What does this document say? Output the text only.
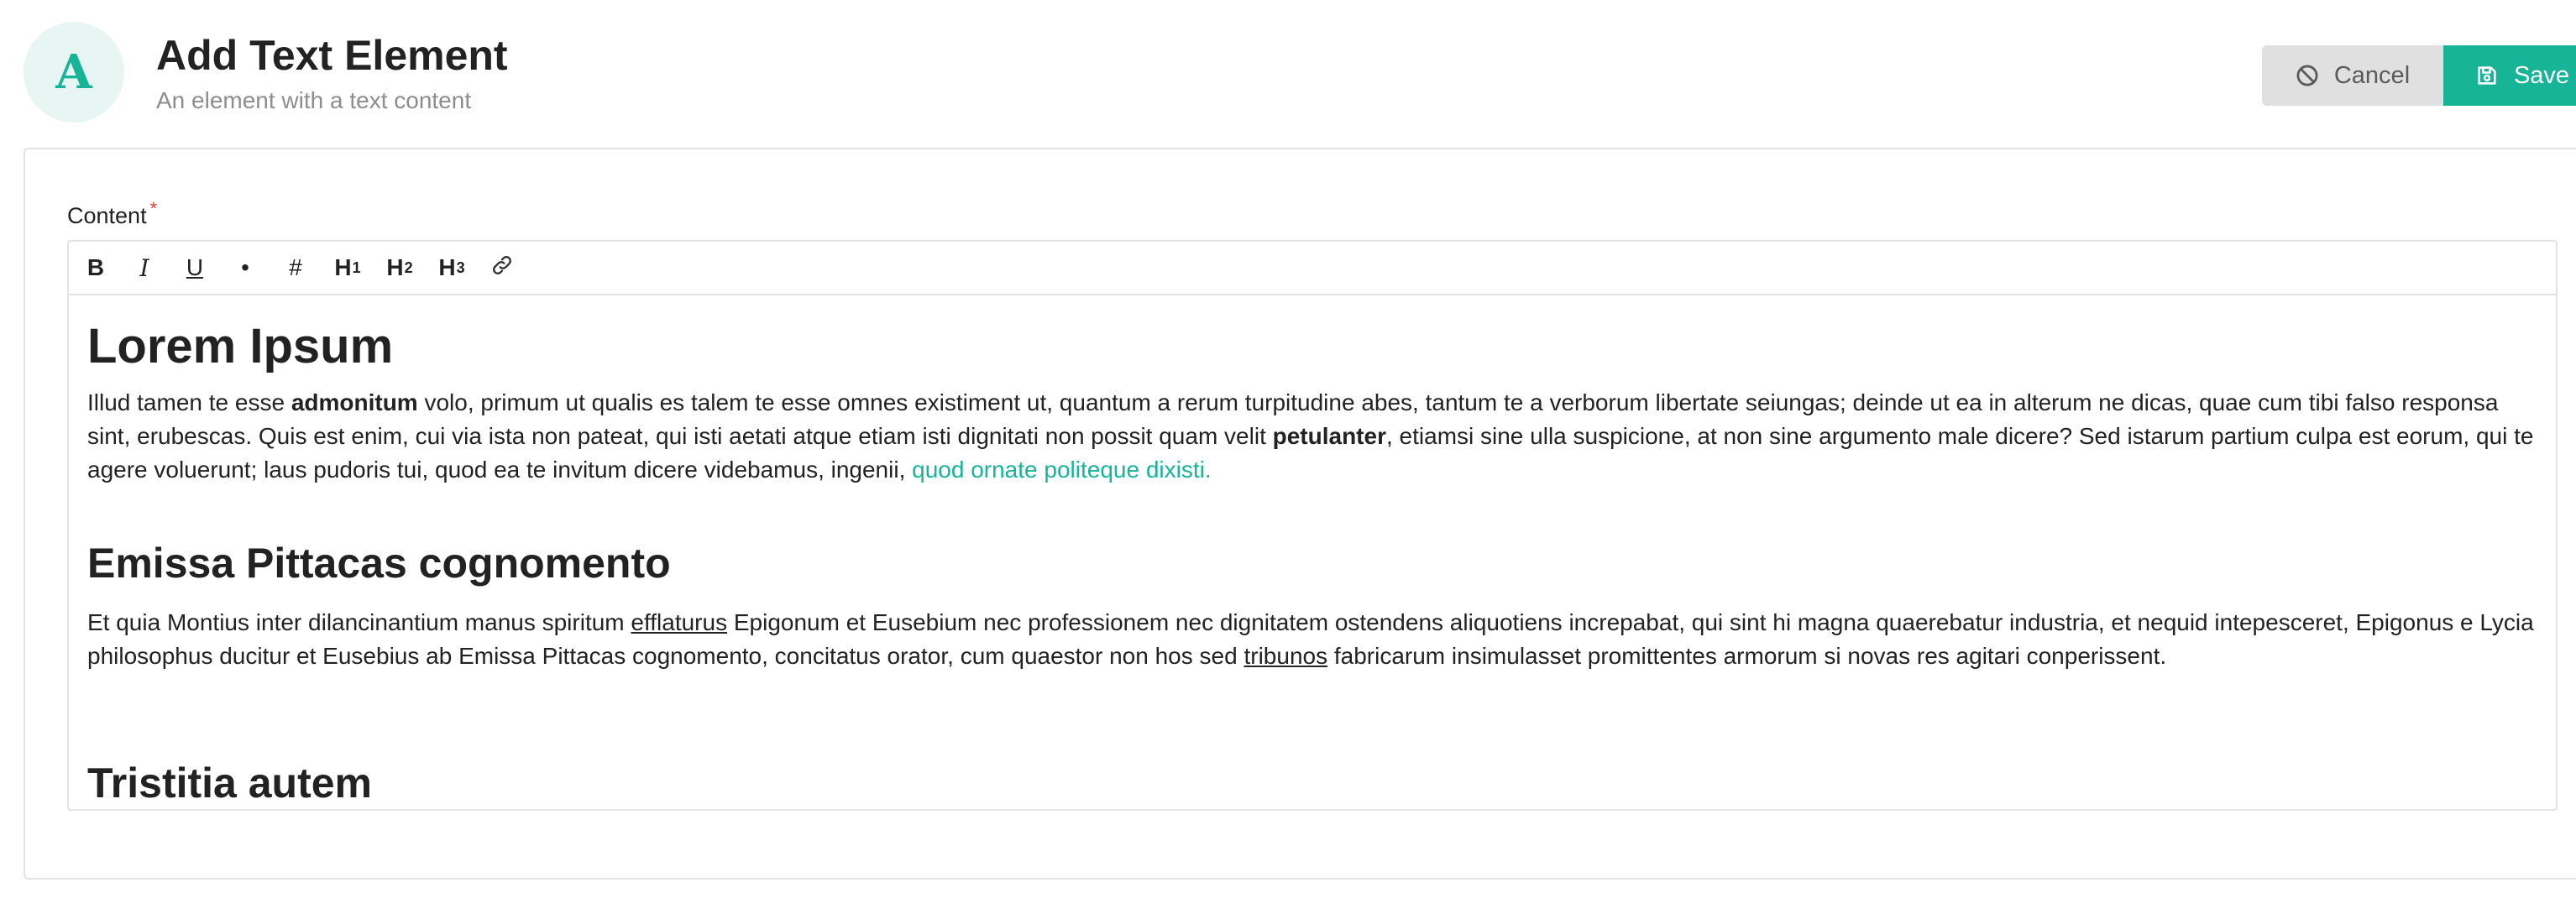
A Add Text Element
An element with a text content
Cancel	Save
Content *
B	I	U	•	#	H 1 H 2 H 3
Lorem Ipsum

Illud tamen te esse admonitum volo, primum ut qualis es talem te esse omnes existiment ut, quantum a rerum turpitudine abes, tantum te a verborum libertate seiungas; deinde ut ea in alterum ne dicas, quae cum tibi falso responsa sint, erubescas. Quis est enim, cui via ista non pateat, qui isti aetati atque etiam isti dignitati non possit quam velit petulanter, etiamsi sine ulla suspicione, at non sine argumento male dicere? Sed istarum partium culpa est eorum, qui te agere voluerunt; laus pudoris tui, quod ea te invitum dicere videbamus, ingenii, quod ornate politeque dixisti.

Emissa Pittacas cognomento

Et quia Montius inter dilancinantium manus spiritum efflaturus Epigonum et Eusebium nec professionem nec dignitatem ostendens aliquotiens increpabat, qui sint hi magna quaerebatur industria, et nequid intepesceret, Epigonus e Lycia philosophus ducitur et Eusebius ab Emissa Pittacas cognomento, concitatus orator, cum quaestor non hos sed tribunos fabricarum insimulasset promittentes armorum si novas res agitari conperissent.

Tristitia autem
